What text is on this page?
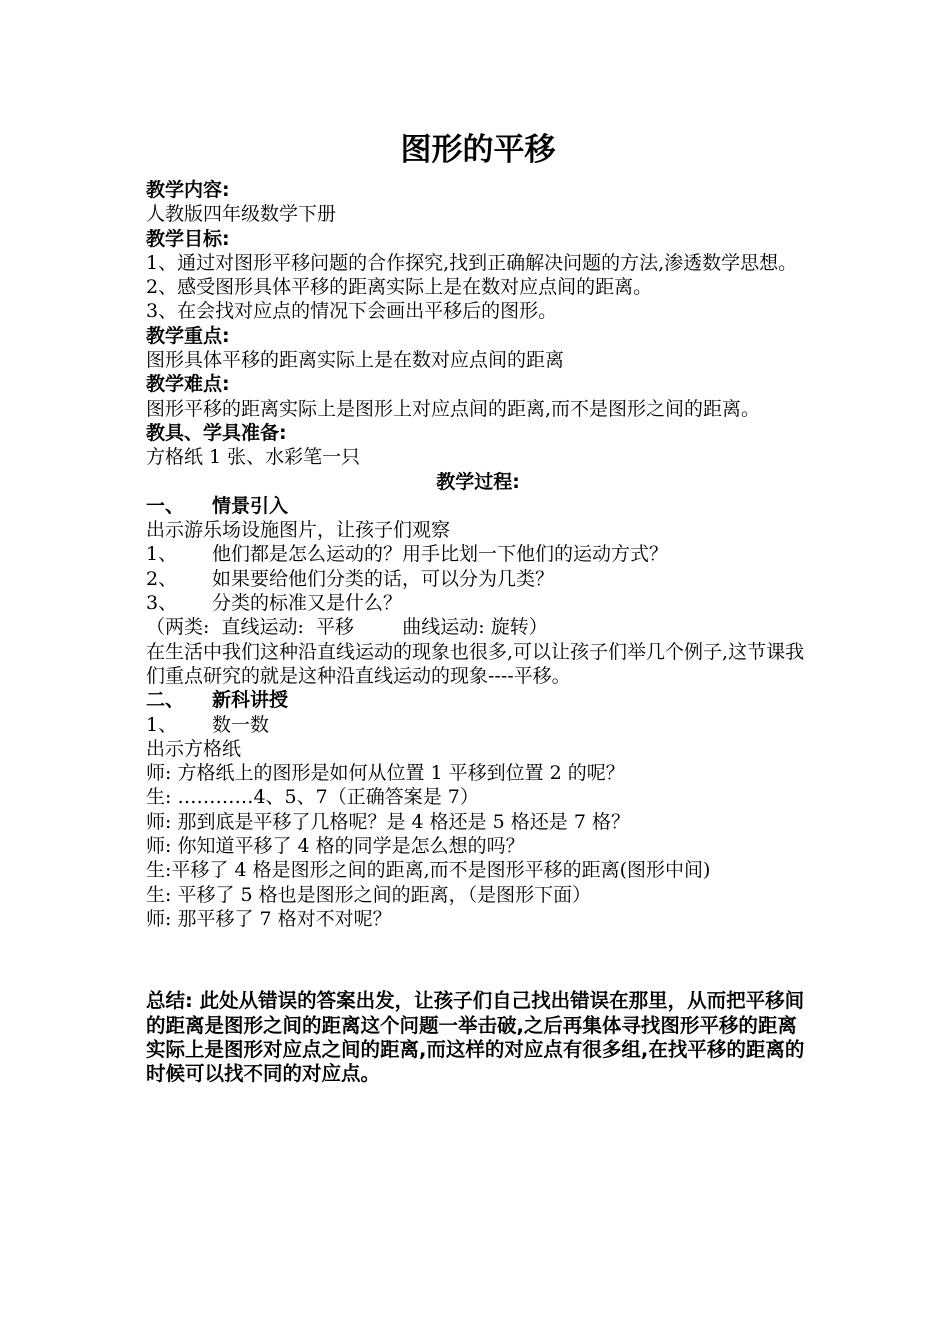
图形的平移
教学内容:

人教版四年级数学下册

教学目标:

1、通过对图形平移问题的合作探究,找到正确解决问题的方法,渗透数学思想。

2、感受图形具体平移的距离实际上是在数对应点间的距离。

3、在会找对应点的情况下会画出平移后的图形。

教学重点:

图形具体平移的距离实际上是在数对应点间的距离

教学难点:

图形平移的距离实际上是图形上对应点间的距离,而不是图形之间的距离。

教具、学具准备:

方格纸 1 张、水彩笔一只

教学过程:

一、 情景引入

出示游乐场设施图片，让孩子们观察

1、 他们都是怎么运动的？用手比划一下他们的运动方式？

2、 如果要给他们分类的话，可以分为几类？

3、 分类的标准又是什么？

（两类:  直线运动:  平移        曲线运动: 旋转）

在生活中我们这种沿直线运动的现象也很多,可以让孩子们举几个例子,这节课我们重点研究的就是这种沿直线运动的现象----平移。

二、 新科讲授

1、 数一数

出示方格纸

师: 方格纸上的图形是如何从位置 1 平移到位置 2 的呢？

生: …………4、5、7（正确答案是 7）

师: 那到底是平移了几格呢？是 4 格还是 5 格还是 7 格？

师: 你知道平移了 4 格的同学是怎么想的吗？

生:平移了 4 格是图形之间的距离,而不是图形平移的距离(图形中间)

生: 平移了 5 格也是图形之间的距离，（是图形下面）

师: 那平移了 7 格对不对呢？

总结: 此处从错误的答案出发，让孩子们自己找出错误在那里，从而把平移间的距离是图形之间的距离这个问题一举击破,之后再集体寻找图形平移的距离实际上是图形对应点之间的距离,而这样的对应点有很多组,在找平移的距离的时候可以找不同的对应点。
